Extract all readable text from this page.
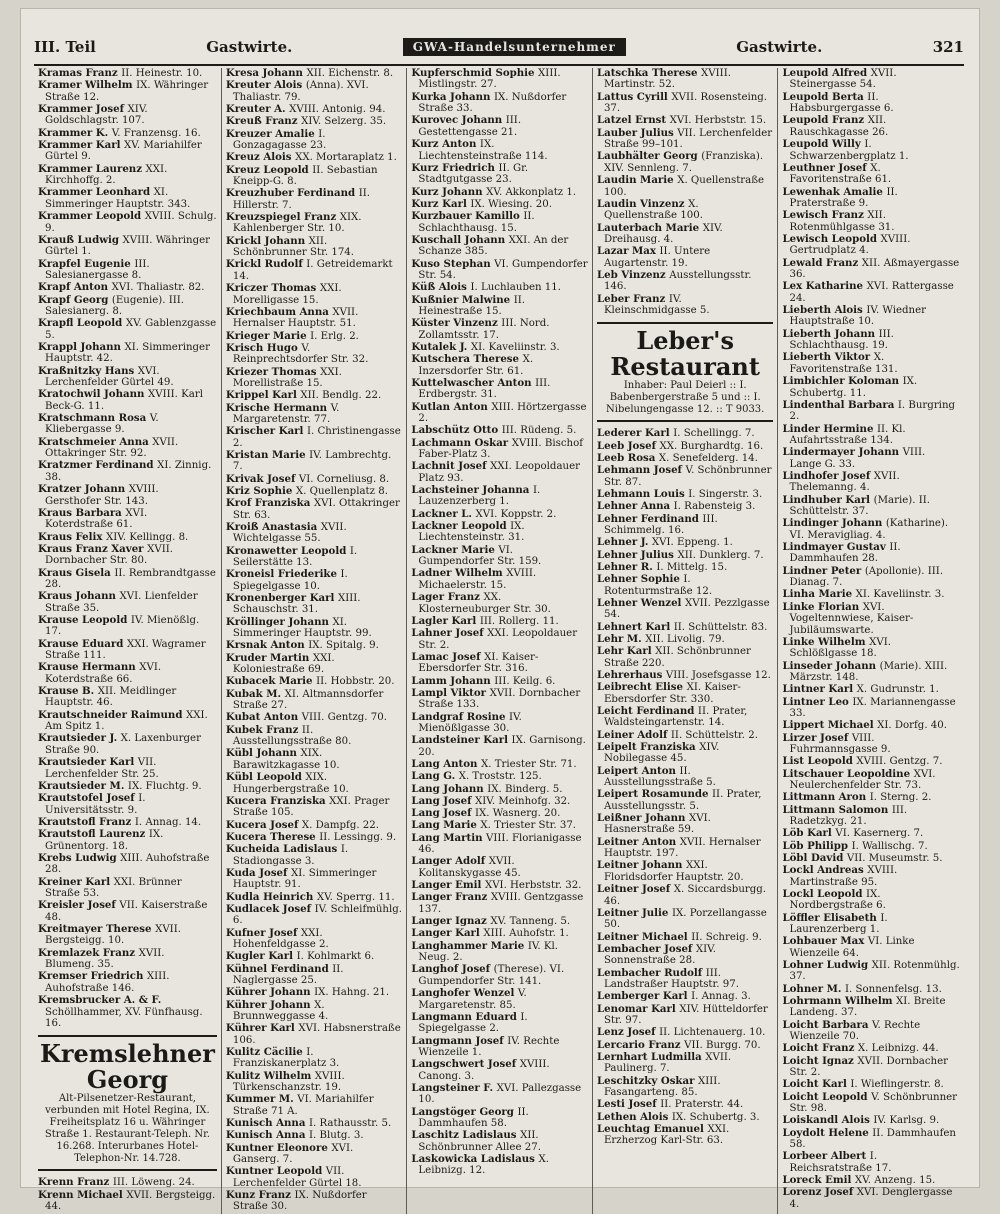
III. Teil	Gastwirte.	GWA-Handelsunternehmer	Gastwirte.	321
Kramas Franz II. Heinestr. 10.
Kramer Wilhelm IX. Währinger Straße 12.
Krammer Josef XIV. Goldschlagstr. 107.
Krammer K. V. Franzensg. 16.
Krammer Karl XV. Mariahilfer Gürtel 9.
Krammer Laurenz XXI. Kirchhoffg. 2.
Krammer Leonhard XI. Simmeringer Hauptstr. 343.
Krammer Leopold XVIII. Schulg. 9.
Krauß Ludwig XVIII. Währinger Gürtel 1.
Krapfel Eugenie III. Salesianergasse 8.
Krapf Anton XVI. Thaliastr. 82.
Krapf Georg (Eugenie). III. Salesianerg. 8.
Krapfl Leopold XV. Gablenzgasse 5.
Krappl Johann XI. Simmeringer Hauptstr. 42.
Kraßnitzky Hans XVI. Lerchenfelder Gürtel 49.
Kratochwil Johann XVIII. Karl Beck-G. 11.
Kratschmann Rosa V. Kliebergasse 9.
Kratschmeier Anna XVII. Ottakringer Str. 92.
Kratzmer Ferdinand XI. Zinnig. 38.
Kratzer Johann XVIII. Gersthofer Str. 143.
Kraus Barbara XVI. Koterdstraße 61.
Kraus Felix XIV. Kellingg. 8.
Kraus Franz Xaver XVII. Dornbacher Str. 80.
Kraus Gisela II. Rembrandtgasse 28.
Kraus Johann XVI. Lienfelder Straße 35.
Krause Leopold IV. Mienößlg. 17.
Krause Eduard XXI. Wagramer Straße 111.
Krause Hermann XVI. Koterdstraße 66.
Krause B. XII. Meidlinger Hauptstr. 46.
Krautschneider Raimund XXI. Am Spitz 1.
Krautsieder J. X. Laxenburger Straße 90.
Krautsieder Karl VII. Lerchenfelder Str. 25.
Krautsieder M. IX. Fluchtg. 9.
Krautstofel Josef I. Universitätsstr. 9.
Krautstofl Franz I. Annag. 14.
Krautstofl Laurenz IX. Grünentorg. 18.
Krebs Ludwig XIII. Auhofstraße 28.
Kreiner Karl XXI. Brünner Straße 53.
Kreisler Josef VII. Kaiserstraße 48.
Kreitmayer Therese XVII. Bergsteigg. 10.
Kremlazek Franz XVII. Blumeng. 35.
Kremser Friedrich XIII. Auhofstraße 146.
Kremsbrucker A. & F. Schöllhammer, XV. Fünfhausg. 16.
Kremslehner Georg
Alt-Pilsenetzer-Restaurant, verbunden mit Hotel Regina, IX. Freiheitsplatz 16 u. Währinger Straße 1. Restaurant-Teleph. Nr. 16.268. Interurbanes Hotel-Telephon-Nr. 14.728.
Krenn Franz III. Löweng. 24.
Krenn Michael XVII. Bergsteigg. 44.
Kresa Johann XII. Eichenstr. 8.
Kreuter Alois (Anna). XVI. Thaliastr. 79.
Kreuter A. XVIII. Antonig. 94.
Kreuß Franz XIV. Selzerg. 35.
Kreuzer Amalie I. Gonzagagasse 23.
Kreuz Alois XX. Mortaraplatz 1.
Kreuz Leopold II. Sebastian Kneipp-G. 8.
Kreuzhuber Ferdinand II. Hillerstr. 7.
Kreuzspiegel Franz XIX. Kahlenberger Str. 10.
Krickl Johann XII. Schönbrunner Str. 174.
Krickl Rudolf I. Getreidemarkt 14.
Kriczer Thomas XXI. Morelligasse 15.
Kriechbaum Anna XVII. Hernalser Hauptstr. 51.
Krieger Marie I. Erlg. 2.
Krisch Hugo V. Reinprechtsdorfer Str. 32.
Kriezer Thomas XXI. Morellistraße 15.
Krippel Karl XII. Bendlg. 22.
Krische Hermann V. Margaretenstr. 77.
Krischer Karl I. Christinengasse 2.
Kristan Marie IV. Lambrechtg. 7.
Krivak Josef VI. Corneliusg. 8.
Kriz Sophie X. Quellenplatz 8.
Krof Franziska XVI. Ottakringer Str. 63.
Kroiß Anastasia XVII. Wichtelgasse 55.
Kronawetter Leopold I. Seilerstätte 13.
Kroneisl Friederike I. Spiegelgasse 10.
Kronenberger Karl XIII. Schauschstr. 31.
Kröllinger Johann XI. Simmeringer Hauptstr. 99.
Krsnak Anton IX. Spitalg. 9.
Kruder Martin XXI. Koloniestraße 69.
Kubacek Marie II. Hobbstr. 20.
Kubak M. XI. Altmannsdorfer Straße 27.
Kubat Anton VIII. Gentzg. 70.
Kubek Franz II. Ausstellungsstraße 80.
Kübl Johann XIX. Barawitzkagasse 10.
Kübl Leopold XIX. Hungerbergstraße 10.
Kucera Franziska XXI. Prager Straße 105.
Kucera Josef X. Dampfg. 22.
Kucera Therese II. Lessingg. 9.
Kucheida Ladislaus I. Stadiongasse 3.
Kuda Josef XI. Simmeringer Hauptstr. 91.
Kudla Heinrich XV. Sperrg. 11.
Kudlacek Josef IV. Schleifmühlg. 6.
Kufner Josef XXI. Hohenfeldgasse 2.
Kugler Karl I. Kohlmarkt 6.
Kühnel Ferdinand II. Naglergasse 25.
Kührer Johann IX. Hahng. 21.
Kührer Johann X. Brunnweggasse 4.
Kührer Karl XVI. Habsnerstraße 106.
Kulitz Cäcilie I. Franziskanerplatz 3.
Kulitz Wilhelm XVIII. Türkenschanzstr. 19.
Kummer M. VI. Mariahilfer Straße 71 A.
Kunisch Anna I. Rathausstr. 5.
Kunisch Anna I. Blutg. 3.
Kuntner Eleonore XVI. Ganserg. 7.
Kuntner Leopold VII. Lerchenfelder Gürtel 18.
Kunz Franz IX. Nußdorfer Straße 30.
Kupferschmid Sophie XIII. Mistlingstr. 27.
Kurka Johann IX. Nußdorfer Straße 33.
Kurovec Johann III. Gestettengasse 21.
Kurz Anton IX. Liechtensteinstraße 114.
Kurz Friedrich II. Gr. Stadtgutgasse 23.
Kurz Johann XV. Akkonplatz 1.
Kurz Karl IX. Wiesing. 20.
Kurzbauer Kamillo II. Schlachthausg. 15.
Kuschall Johann XXI. An der Schanze 385.
Kuso Stephan VI. Gumpendorfer Str. 54.
Küß Alois I. Luchlauben 11.
Kußnier Malwine II. Heinestraße 15.
Küster Vinzenz III. Nord. Zollamtsstr. 17.
Kutalek J. XI. Kaveliinstr. 3.
Kutschera Therese X. Inzersdorfer Str. 61.
Kuttelwascher Anton III. Erdbergstr. 31.
Kutlan Anton XIII. Hörtzergasse 2.
Labschütz Otto III. Rüdeng. 5.
Lachmann Oskar XVIII. Bischof Faber-Platz 3.
Lachnit Josef XXI. Leopoldauer Platz 93.
Lachsteiner Johanna I. Lauzenzerberg 1.
Lackner L. XVI. Koppstr. 2.
Lackner Leopold IX. Liechtensteinstr. 31.
Lackner Marie VI. Gumpendorfer Str. 159.
Ladner Wilhelm XVIII. Michaelerstr. 15.
Lager Franz XX. Klosterneuburger Str. 30.
Lagler Karl III. Rollerg. 11.
Lahner Josef XXI. Leopoldauer Str. 2.
Lamac Josef XI. Kaiser-Ebersdorfer Str. 316.
Lamm Johann III. Keilg. 6.
Lampl Viktor XVII. Dornbacher Straße 133.
Landgraf Rosine IV. Mienößlgasse 30.
Landsteiner Karl IX. Garnisong. 20.
Lang Anton X. Triester Str. 71.
Lang G. X. Troststr. 125.
Lang Johann IX. Binderg. 5.
Lang Josef XIV. Meinhofg. 32.
Lang Josef IX. Wasnerg. 20.
Lang Marie X. Triester Str. 37.
Lang Martin VIII. Florianigasse 46.
Langer Adolf XVII. Kolitanskygasse 45.
Langer Emil XVI. Herbststr. 32.
Langer Franz XVIII. Gentzgasse 137.
Langer Ignaz XV. Tanneng. 5.
Langer Karl XIII. Auhofstr. 1.
Langhammer Marie IV. Kl. Neug. 2.
Langhof Josef (Therese). VI. Gumpendorfer Str. 141.
Langhofer Wenzel V. Margaretenstr. 85.
Langmann Eduard I. Spiegelgasse 2.
Langmann Josef IV. Rechte Wienzeile 1.
Langschwert Josef XVIII. Canong. 3.
Langsteiner F. XVI. Pallezgasse 10.
Langstöger Georg II. Dammhaufen 58.
Laschitz Ladislaus XII. Schönbrunner Allee 27.
Laskowicka Ladislaus X. Leibnizg. 12.
Latschka Therese XVIII. Martinstr. 52.
Lattus Cyrill XVII. Rosensteing. 37.
Latzel Ernst XVI. Herbststr. 15.
Lauber Julius VII. Lerchenfelder Straße 99–101.
Laubhälter Georg (Franziska). XIV. Sennleng. 7.
Laudin Marie X. Quellenstraße 100.
Laudin Vinzenz X. Quellenstraße 100.
Lauterbach Marie XIV. Dreihausg. 4.
Lazar Max II. Untere Augartenstr. 19.
Leb Vinzenz Ausstellungsstr. 146.
Leber Franz IV. Kleinschmidgasse 5.
Leber's Restaurant
Inhaber: Paul Deierl :: I. Babenbergerstraße 5 und :: I. Nibelungengasse 12. :: T 9033.
Lederer Karl I. Schellingg. 7.
Leeb Josef XX. Burghardtg. 16.
Leeb Rosa X. Senefelderg. 14.
Lehmann Josef V. Schönbrunner Str. 87.
Lehmann Louis I. Singerstr. 3.
Lehner Anna I. Rabensteig 3.
Lehner Ferdinand III. Schimmelg. 16.
Lehner J. XVI. Eppeng. 1.
Lehner Julius XII. Dunklerg. 7.
Lehner R. I. Mittelg. 15.
Lehner Sophie I. Rotenturmstraße 12.
Lehner Wenzel XVII. Pezzlgasse 54.
Lehnert Karl II. Schüttelstr. 83.
Lehr M. XII. Livolig. 79.
Lehr Karl XII. Schönbrunner Straße 220.
Lehrerhaus VIII. Josefsgasse 12.
Leibrecht Elise XI. Kaiser-Ebersdorfer Str. 330.
Leicht Ferdinand II. Prater, Waldsteingartenstr. 14.
Leiner Adolf II. Schüttelstr. 2.
Leipelt Franziska XIV. Nobilegasse 45.
Leipert Anton II. Ausstellungsstraße 5.
Leipert Rosamunde II. Prater, Ausstellungsstr. 5.
Leißner Johann XVI. Hasnerstraße 59.
Leitner Anton XVII. Hernalser Hauptstr. 197.
Leitner Johann XXI. Floridsdorfer Hauptstr. 20.
Leitner Josef X. Siccardsburgg. 46.
Leitner Julie IX. Porzellangasse 50.
Leitner Michael II. Schreig. 9.
Lembacher Josef XIV. Sonnenstraße 28.
Lembacher Rudolf III. Landstraßer Hauptstr. 97.
Lemberger Karl I. Annag. 3.
Lenomar Karl XIV. Hütteldorfer Str. 97.
Lenz Josef II. Lichtenauerg. 10.
Lercario Franz VII. Burgg. 70.
Lernhart Ludmilla XVII. Paulinerg. 7.
Leschitzky Oskar XIII. Fasangarteng. 85.
Lesti Josef II. Praterstr. 44.
Lethen Alois IX. Schubertg. 3.
Leuchtag Emanuel XXI. Erzherzog Karl-Str. 63.
Leupold Alfred XVII. Steinergasse 54.
Leupold Berta II. Habsburgergasse 6.
Leupold Franz XII. Rauschkagasse 26.
Leupold Willy I. Schwarzenbergplatz 1.
Leuthner Josef X. Favoritenstraße 61.
Lewenhak Amalie II. Praterstraße 9.
Lewisch Franz XII. Rotenmühlgasse 31.
Lewisch Leopold XVIII. Gertrudplatz 4.
Lewald Franz XII. Aßmayergasse 36.
Lex Katharine XVI. Rattergasse 24.
Lieberth Alois IV. Wiedner Hauptstraße 10.
Lieberth Johann III. Schlachthausg. 19.
Lieberth Viktor X. Favoritenstraße 131.
Limbichler Koloman IX. Schubertg. 11.
Lindenthal Barbara I. Burgring 2.
Linder Hermine II. Kl. Aufahrtsstraße 134.
Lindermayer Johann VIII. Lange G. 33.
Lindhofer Josef XVII. Thelemanng. 4.
Lindhuber Karl (Marie). II. Schüttelstr. 37.
Lindinger Johann (Katharine). VI. Meravigliag. 4.
Lindmayer Gustav II. Dammhaufen 28.
Lindner Peter (Apollonie). III. Dianag. 7.
Linha Marie XI. Kaveliinstr. 3.
Linke Florian XVI. Vogeltennwiese, Kaiser-Jubiläumswarte.
Linke Wilhelm XVI. Schlößlgasse 18.
Linseder Johann (Marie). XIII. Märzstr. 148.
Lintner Karl X. Gudrunstr. 1.
Lintner Leo IX. Mariannengasse 33.
Lippert Michael XI. Dorfg. 40.
Lirzer Josef VIII. Fuhrmannsgasse 9.
List Leopold XVIII. Gentzg. 7.
Litschauer Leopoldine XVI. Neulerchenfelder Str. 73.
Littmann Aron I. Sterng. 2.
Littmann Salomon III. Radetzkyg. 21.
Löb Karl VI. Kasernerg. 7.
Löb Philipp I. Wallischg. 7.
Löbl David VII. Museumstr. 5.
Lockl Andreas XVIII. Martinstraße 95.
Lockl Leopold IX. Nordbergstraße 6.
Löffler Elisabeth I. Laurenzerberg 1.
Lohbauer Max VI. Linke Wienzeile 64.
Lohner Ludwig XII. Rotenmühlg. 37.
Lohner M. I. Sonnenfelsg. 13.
Lohrmann Wilhelm XI. Breite Landeng. 37.
Loicht Barbara V. Rechte Wienzeile 70.
Loicht Franz X. Leibnizg. 44.
Loicht Ignaz XVII. Dornbacher Str. 2.
Loicht Karl I. Wieflingerstr. 8.
Loicht Leopold V. Schönbrunner Str. 98.
Loiskandl Alois IV. Karlsg. 9.
Loydolt Helene II. Dammhaufen 58.
Lorbeer Albert I. Reichsratstraße 17.
Loreck Emil XV. Anzeng. 15.
Lorenz Josef XVI. Denglergasse 4.
